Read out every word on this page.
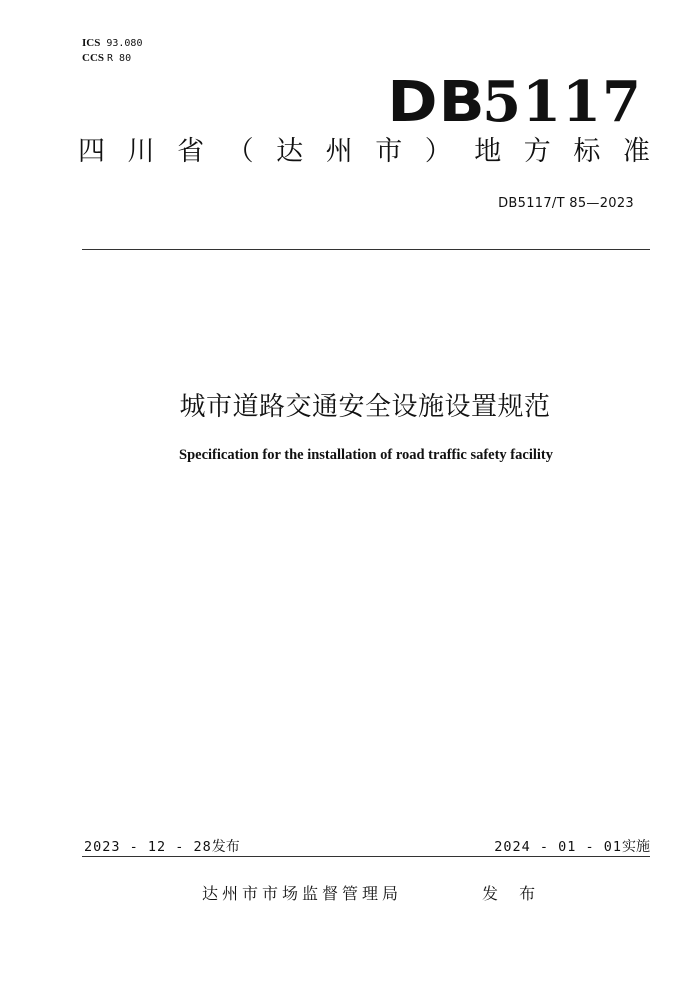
ICS 93.080
CCS R 80
DB5117
四 川 省 （ 达 州 市 ） 地 方 标 准
DB5117/T 85—2023
城市道路交通安全设施设置规范
Specification for the installation of road traffic safety facility
2023 - 12 - 28发布	2024 - 01 - 01实施
达州市市场监督管理局	发 布
